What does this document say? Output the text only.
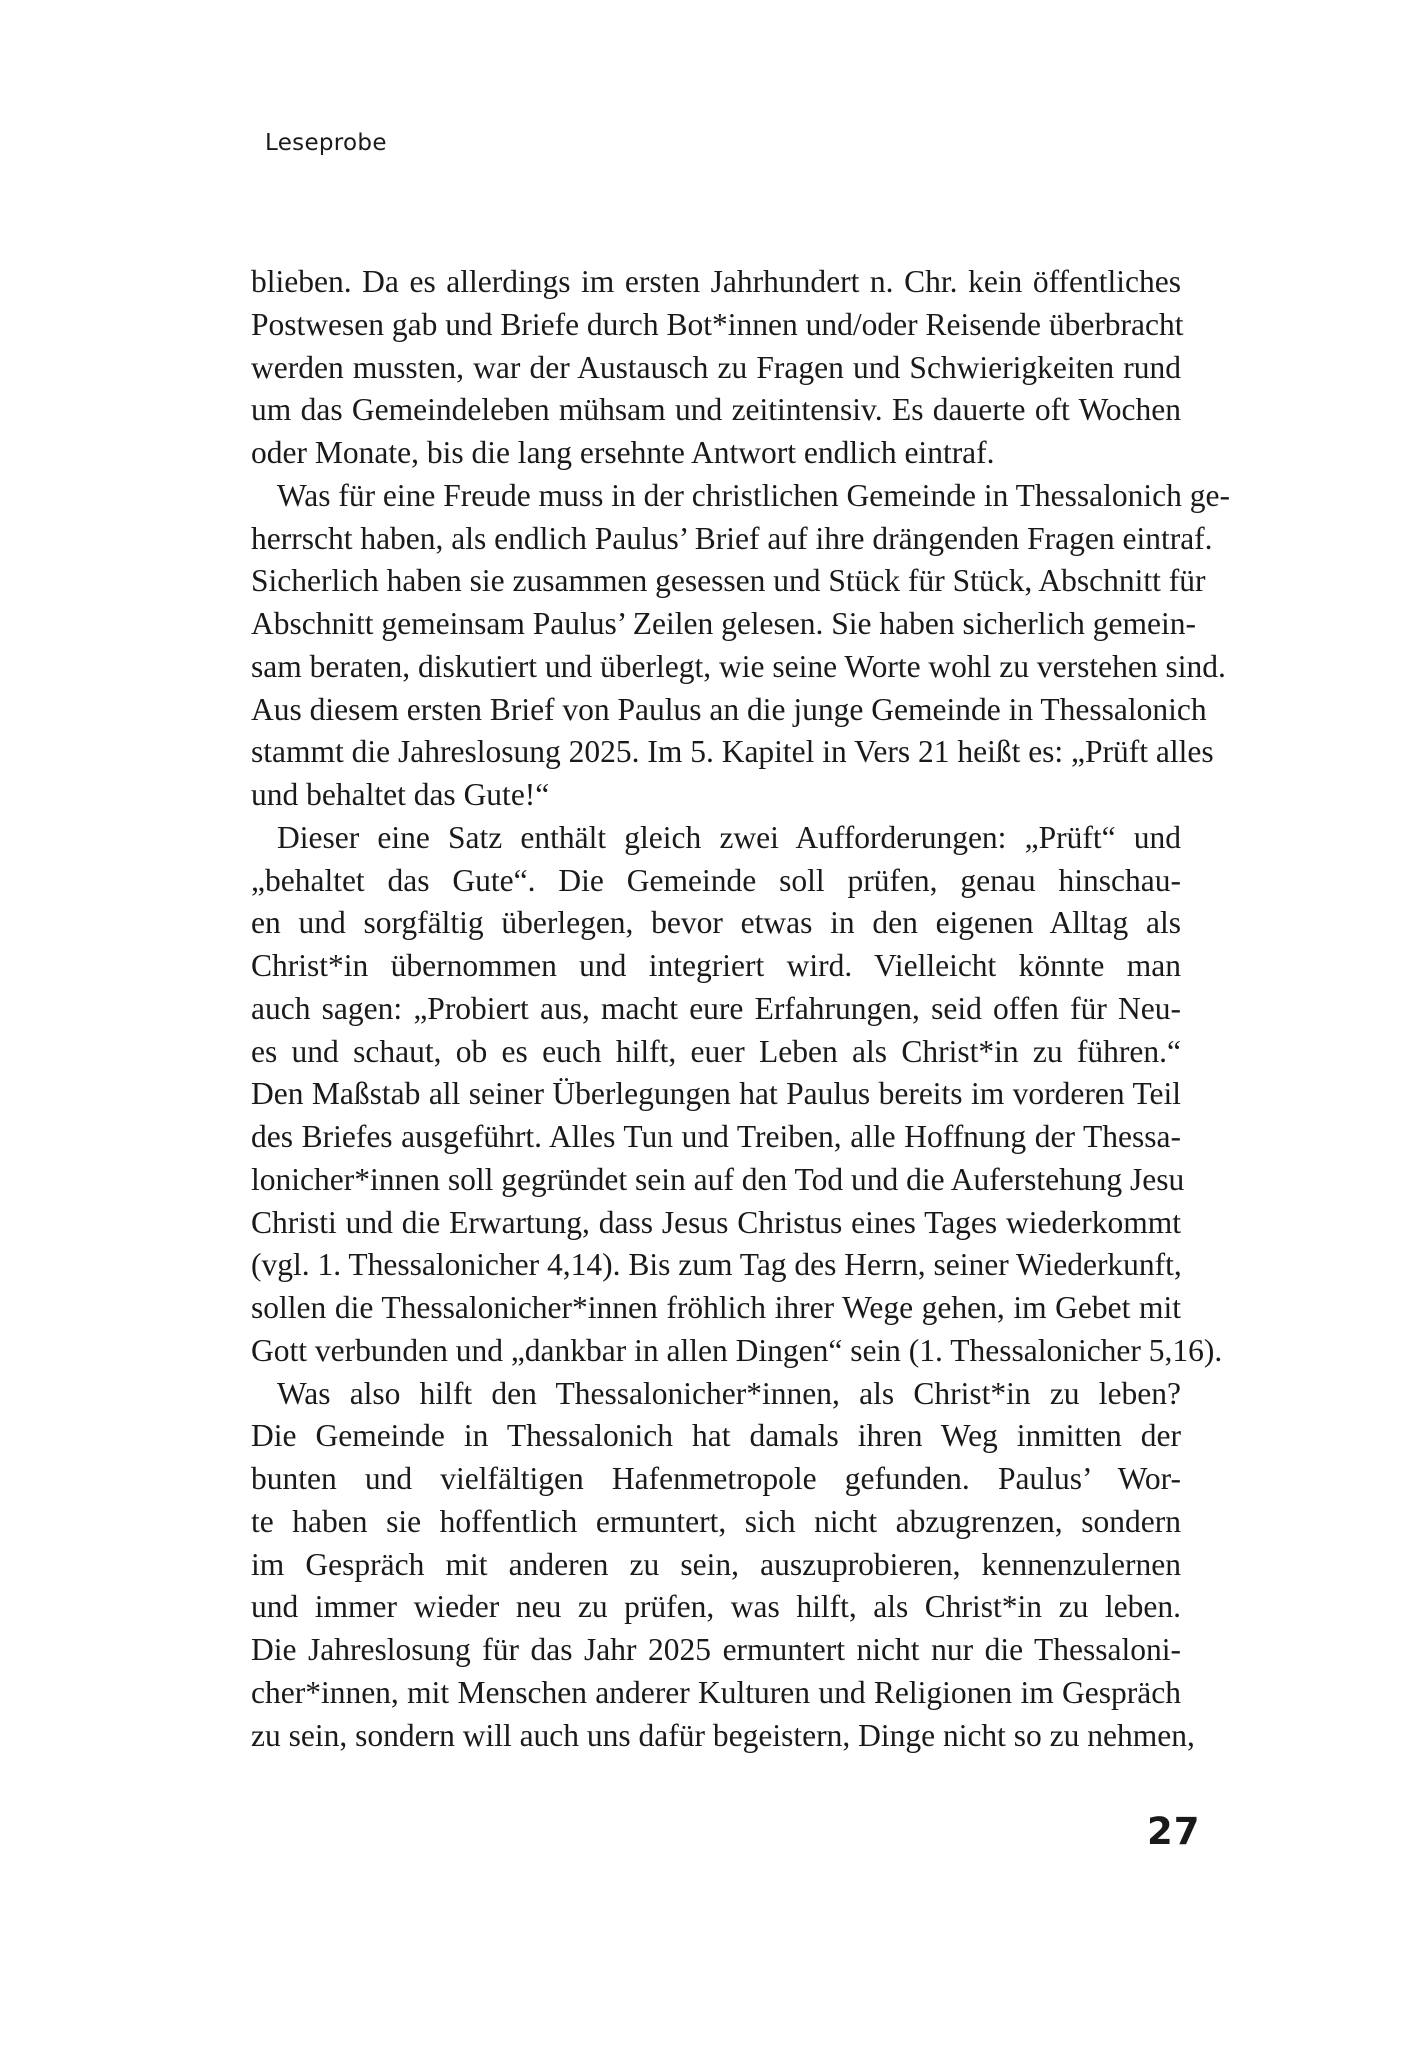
Leseprobe
blieben. Da es allerdings im ersten Jahrhundert n. Chr. kein öffentliches
Postwesen gab und Briefe durch Bot*innen und/oder Reisende überbracht
werden mussten, war der Austausch zu Fragen und Schwierigkeiten rund
um das Gemeindeleben mühsam und zeitintensiv. Es dauerte oft Wochen
oder Monate, bis die lang ersehnte Antwort endlich eintraf.
Was für eine Freude muss in der christlichen Gemeinde in Thessalonich ge-
herrscht haben, als endlich Paulus’ Brief auf ihre drängenden Fragen eintraf.
Sicherlich haben sie zusammen gesessen und Stück für Stück, Abschnitt für
Abschnitt gemeinsam Paulus’ Zeilen gelesen. Sie haben sicherlich gemein-
sam beraten, diskutiert und überlegt, wie seine Worte wohl zu verstehen sind.
Aus diesem ersten Brief von Paulus an die junge Gemeinde in Thessalonich
stammt die Jahreslosung 2025. Im 5. Kapitel in Vers 21 heißt es: „Prüft alles
und behaltet das Gute!“
Dieser eine Satz enthält gleich zwei Aufforderungen: „Prüft“ und
„behaltet das Gute“. Die Gemeinde soll prüfen, genau hinschau-
en und sorgfältig überlegen, bevor etwas in den eigenen Alltag als
Christ*in übernommen und integriert wird. Vielleicht könnte man
auch sagen: „Probiert aus, macht eure Erfahrungen, seid offen für Neu-
es und schaut, ob es euch hilft, euer Leben als Christ*in zu führen.“
Den Maßstab all seiner Überlegungen hat Paulus bereits im vorderen Teil
des Briefes ausgeführt. Alles Tun und Treiben, alle Hoffnung der Thessa-
lonicher*innen soll gegründet sein auf den Tod und die Auferstehung Jesu
Christi und die Erwartung, dass Jesus Christus eines Tages wiederkommt
(vgl. 1. Thessalonicher 4,14). Bis zum Tag des Herrn, seiner Wiederkunft,
sollen die Thessalonicher*innen fröhlich ihrer Wege gehen, im Gebet mit
Gott verbunden und „dankbar in allen Dingen“ sein (1. Thessalonicher 5,16).
Was also hilft den Thessalonicher*innen, als Christ*in zu leben?
Die Gemeinde in Thessalonich hat damals ihren Weg inmitten der
bunten und vielfältigen Hafenmetropole gefunden. Paulus’ Wor-
te haben sie hoffentlich ermuntert, sich nicht abzugrenzen, sondern
im Gespräch mit anderen zu sein, auszuprobieren, kennenzulernen
und immer wieder neu zu prüfen, was hilft, als Christ*in zu leben.
Die Jahreslosung für das Jahr 2025 ermuntert nicht nur die Thessaloni-
cher*innen, mit Menschen anderer Kulturen und Religionen im Gespräch
zu sein, sondern will auch uns dafür begeistern, Dinge nicht so zu nehmen,
27
